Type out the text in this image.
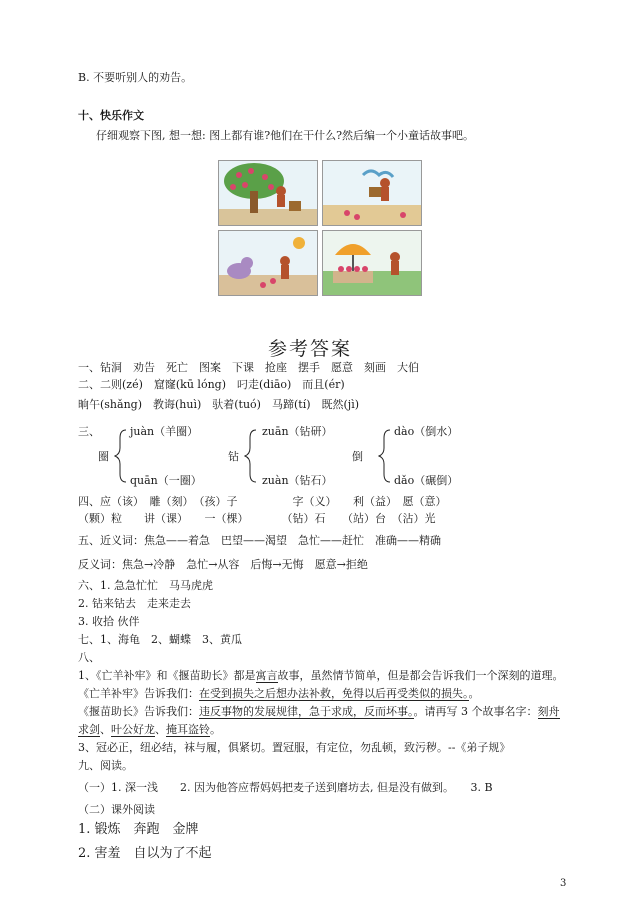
B. 不要听别人的劝告。
十、快乐作文
仔细观察下图, 想一想: 图上都有谁?他们在干什么?然后编一个小童话故事吧。
参考答案
一、钻洞　劝告　死亡　图案　下课　抢座　摆手　愿意　刻画　大伯
二、二则(zé)　窟窿(kū lóng)　叼走(diāo)　而且(ér)
晌午(shǎng)　教诲(huì)　驮着(tuó)　马蹄(tí)　既然(jì)
三、
圈
juàn（羊圈）
quān（一圈）
钻
zuān（钻研）
zuàn（钻石）
倒
dào（倒水）
dǎo（碾倒）
四、应（该）　雕（刻）　（孩）子　　　　　字（义）　　利（益）　愿（意）
（颗）粒　　讲（课）　　一（棵）　　　　（钻）石　　（站）台　（沾）光
五、近义词：焦急——着急　巴望——渴望　急忙——赶忙　准确——精确
反义词：焦急→冷静　急忙→从容　后悔→无悔　愿意→拒绝
六、1. 急急忙忙　马马虎虎
2. 钻来钻去　走来走去
3. 收拾 伙伴
七、1、海龟　2、蝴蝶　3、黄瓜
八、
1、《亡羊补牢》和《揠苗助长》都是寓言故事，虽然情节简单，但是都会告诉我们一个深刻的道理。
《亡羊补牢》告诉我们：在受到损失之后想办法补救，免得以后再受类似的损失。。
《揠苗助长》告诉我们：违反事物的发展规律，急于求成，反而坏事。。请再写 3 个故事名字：刻舟
求剑、叶公好龙、掩耳盗铃。
3、冠必正，纽必结，袜与履，俱紧切。置冠服，有定位，勿乱顿，致污秽。--《弟子规》
九、阅读。
（一）1. 深一浅　　2. 因为他答应帮妈妈把麦子送到磨坊去, 但是没有做到。　　3. B
（二）课外阅读
1. 锻炼　奔跑　金牌
2. 害羞　自以为了不起
3
